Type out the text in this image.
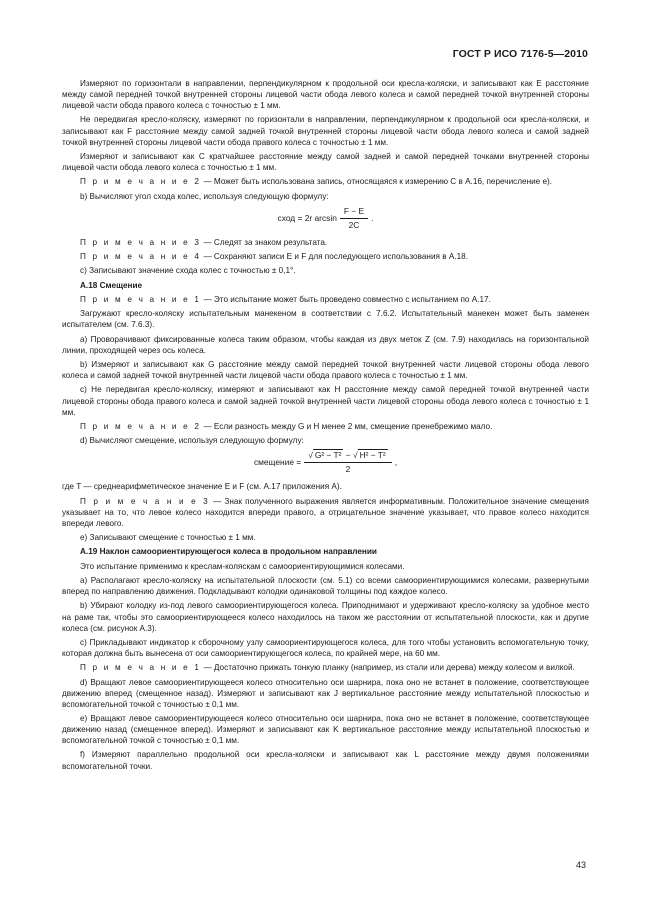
ГОСТ Р ИСО 7176-5—2010

Измеряют по горизонтали в направлении, перпендикулярном к продольной оси кресла-коляски, и записывают как E расстояние между самой передней точкой внутренней стороны лицевой части обода левого колеса и самой передней точкой внутренней стороны лицевой части обода правого колеса с точностью ± 1 мм.

Не передвигая кресло-коляску, измеряют по горизонтали в направлении, перпендикулярном к продольной оси кресла-коляски, и записывают как F расстояние между самой задней точкой внутренней стороны лицевой части обода левого колеса и самой задней точкой внутренней стороны лицевой части обода правого колеса с точностью ± 1 мм.

Измеряют и записывают как C кратчайшее расстояние между самой задней и самой передней точками внутренней стороны лицевой части обода левого колеса с точностью ± 1 мм.

П р и м е ч а н и е 2 — Может быть использована запись, относящаяся к измерению C в А.16, перечисление е).

b) Вычисляют угол схода колес, используя следующую формулу:

сход = 2r $\arcsin \frac{F - E}{2C}$ .

П р и м е ч а н и е 3 — Следят за знаком результата.

П р и м е ч а н и е 4 — Сохраняют записи E и F для последующего использования в А.18.

с) Записывают значение схода колес с точностью ± 0,1°.

А.18 Смещение

П р и м е ч а н и е 1 — Это испытание может быть проведено совместно с испытанием по А.17.

Загружают кресло-коляску испытательным манекеном в соответствии с 7.6.2. Испытательный манекен может быть заменен испытателем (см. 7.6.3).

а) Проворачивают фиксированные колеса таким образом, чтобы каждая из двух меток Z (см. 7.9) находилась на горизонтальной линии, проходящей через ось колеса.

b) Измеряют и записывают как G расстояние между самой передней точкой внутренней части лицевой стороны обода левого колеса и самой задней точкой внутренней части лицевой части обода правого колеса с точностью ± 1 мм.

с) Не передвигая кресло-коляску, измеряют и записывают как H расстояние между самой передней точкой внутренней части лицевой стороны обода правого колеса и самой задней точкой внутренней части лицевой стороны обода левого колеса с точностью ± 1 мм.

П р и м е ч а н и е 2 — Если разность между G и H менее 2 мм, смещение пренебрежимо мало.

d) Вычисляют смещение, используя следующую формулу:

смещение = $\frac{\text{√ G² − T² − √ H² − T²}}{2}$ ,

где T — среднеарифметическое значение E и F (см. А.17 приложения А).

П р и м е ч а н и е 3 — Знак полученного выражения является информативным. Положительное значение смещения указывает на то, что левое колесо находится впереди правого, а отрицательное значение указывает, что правое колесо находится впереди левого.

е) Записывают смещение с точностью ± 1 мм.

А.19 Наклон самоориентирующегося колеса в продольном направлении

Это испытание применимо к креслам-коляскам с самоориентирующимися колесами.

а) Располагают кресло-коляску на испытательной плоскости (см. 5.1) со всеми самоориентирующимися колесами, развернутыми вперед по направлению движения. Подкладывают колодки одинаковой толщины под каждое колесо.

b) Убирают колодку из-под левого самоориентирующегося колеса. Приподнимают и удерживают кресло-коляску за удобное место на раме так, чтобы это самоориентирующееся колесо находилось на таком же расстоянии от испытательной плоскости, как и другие колеса (см. рисунок А.3).

с) Прикладывают индикатор к сборочному узлу самоориентирующегося колеса, для того чтобы установить вспомогательную точку, которая должна быть вынесена от оси самоориентирующегося колеса, по крайней мере, на 60 мм.

П р и м е ч а н и е 1 — Достаточно прижать тонкую планку (например, из стали или дерева) между колесом и вилкой.

d) Вращают левое самоориентирующееся колесо относительно оси шарнира, пока оно не встанет в положение, соответствующее движению вперед (смещенное назад). Измеряют и записывают как J вертикальное расстояние между испытательной плоскостью и вспомогательной точкой с точностью ± 0,1 мм.

е) Вращают левое самоориентирующееся колесо относительно оси шарнира, пока оно не встанет в положение, соответствующее движению назад (смещенное вперед). Измеряют и записывают как K вертикальное расстояние между испытательной плоскостью и вспомогательной точкой с точностью ± 0,1 мм.

f) Измеряют параллельно продольной оси кресла-коляски и записывают как L расстояние между двумя положениями вспомогательной точки.

43
